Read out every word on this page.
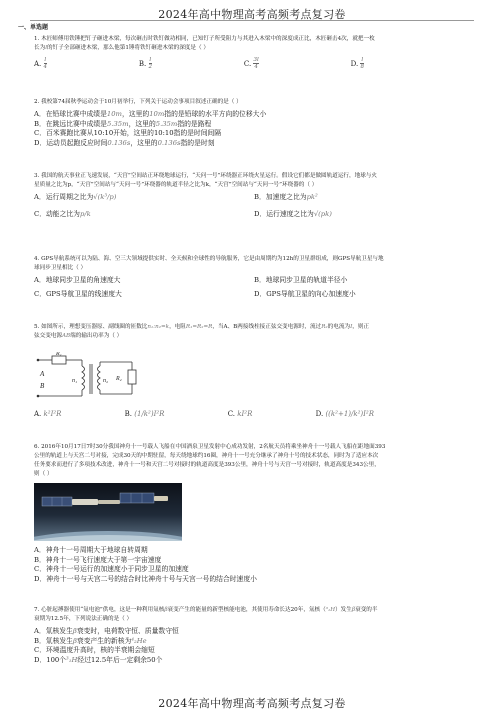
2024年高中物理高考高频考点复习卷
一、单选题

1. 木匠师傅用铁锤把钉子砸进木梁，每次砸击时铁钉做功相同，已知钉子所受阻力与其进入木梁中的深度成正比，木匠砸击4次，就把一枚
长为l的钉子全部砸进木梁，那么他第1锤将铁钉砸进木梁的深度是（ ）

A. $\frac{l}{4}$	B. $\frac{l}{2}$	C. $\frac{3l}{4}$	D. $\frac{l}{8}$

2. 我校第74届秋季运动会于10月初举行，下列关于运动会事项目叙述正确的是（ ）

A．在铅球比赛中成绩是10m，这里的10m指的是铅球的水平方向的位移大小
B．在跳远比赛中成绩是5.35m，这里的5.35m指的是路程
C．百米赛跑比赛从10:10开始，这里的10:10指的是时间间隔
D．运动员起跑反应时间0.136s，这里的0.136s指的是时刻

3. 我国的航天事业正飞速发展，“天宫”空间站正环绕地球运行，“天问一号”环绕器正环绕火星运行。假设它们都是做圆轨道运行，地球与火
星质量之比为p，“天宫”空间站与“天问一号”环绕器的轨道半径之比为k，“天宫”空间站与“天问一号”环绕器的（ ）

A．运行周期之比为√(k³/p)	B．加速度之比为pk²
C．动能之比为p/k	D．运行速度之比为√(pk)

4. GPS导航系统可以为陆、海、空三大领域提供实时、全天候和全球性的导航服务，它是由周期约为12h的卫星群组成，则GPS导航卫星与地
球同步卫星相比（ ）

A．地球同步卫星的角速度大	B．地球同步卫星的轨道半径小
C．GPS导航卫星的线速度大	D．GPS导航卫星的向心加速度小

5. 如图所示，理想变压器原、副线圈的匝数比n₁:n₂=k，电阻R₁=R₂=R，当A、B两接线柱接正弦交变电源时，流过R₂的电流为I，则正
弦交变电源AB端的输出功率为（ ）

R₁
n₁	n₂ R₂
A
B
A. k²I²R	B. (1/k²)I²R	C. kI²R	D. ((k²+1)/k²)I²R

6. 2016年10月17日7时30分我国神舟十一号载人飞船在中国酒泉卫星发射中心成功发射，2名航天员将乘坐神舟十一号载人飞船在距地面393
公里的轨道上与天宫二号对接，完成30天的中期驻留，每天绕地球约16圈，神舟十一号充分继承了神舟十号的技术状态，同时为了适应本次
任务要求而进行了多项技术改进，神舟十一号和天宫二号对接时的轨道高度是393公里，神舟十号与天宫一号对接时，轨道高度是343公里，
则（ ）

A．神舟十一号周期大于地球自转周期
B．神舟十一号飞行速度大于第一宇宙速度
C．神舟十一号运行的加速度小于同步卫星的加速度
D．神舟十一号与天宫二号的结合时比神舟十号与天宫一号的结合时速度小

7. 心脏起搏器使用“氚电池”供电，这是一种利用氚核β衰变产生的能量的新型核能电池，其使用寿命长达20年，氚核（³₁H）发生β衰变的半
衰期为12.5年，下列说法正确的是（ ）

A．氚核发生β衰变时，电荷数守恒、质量数守恒
B．氚核发生β衰变产生的新核为⁴₂He
C．环境温度升高时，核的半衰期会缩短
D．100个³₁H经过12.5年后一定剩余50个
2024年高中物理高考高频考点复习卷
